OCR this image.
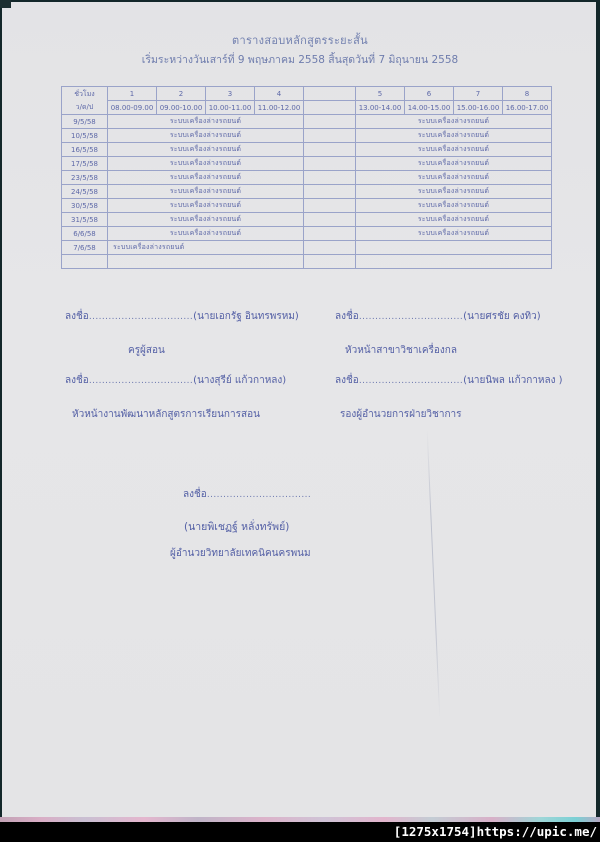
ตารางสอบหลักสูตรระยะสั้น
เริ่มระหว่างวันเสาร์ที่ 9 พฤษภาคม 2558 สิ้นสุดวันที่ 7 มิถุนายน 2558
ชั่วโมง
ว/ด/ป	1	2	3	4		5	6	7	8
	08.00-09.00	09.00-10.00	10.00-11.00	11.00-12.00		13.00-14.00	14.00-15.00	15.00-16.00	16.00-17.00
9/5/58	ระบบเครื่องล่างรถยนต์					ระบบเครื่องล่างรถยนต์			
10/5/58	ระบบเครื่องล่างรถยนต์					ระบบเครื่องล่างรถยนต์			
16/5/58	ระบบเครื่องล่างรถยนต์					ระบบเครื่องล่างรถยนต์			
17/5/58	ระบบเครื่องล่างรถยนต์					ระบบเครื่องล่างรถยนต์			
23/5/58	ระบบเครื่องล่างรถยนต์					ระบบเครื่องล่างรถยนต์			
24/5/58	ระบบเครื่องล่างรถยนต์					ระบบเครื่องล่างรถยนต์			
30/5/58	ระบบเครื่องล่างรถยนต์					ระบบเครื่องล่างรถยนต์			
31/5/58	ระบบเครื่องล่างรถยนต์					ระบบเครื่องล่างรถยนต์			
6/6/58	ระบบเครื่องล่างรถยนต์					ระบบเครื่องล่างรถยนต์			
7/6/58	ระบบเครื่องล่างรถยนต์								

ลงชื่อ................................(นายเอกรัฐ อินทรพรหม)	ลงชื่อ................................(นายศรชัย คงทิว)
ครูผู้สอน	หัวหน้าสาขาวิชาเครื่องกล
ลงชื่อ................................(นางสุรีย์ แก้วกาหลง)	ลงชื่อ................................(นายนิพล แก้วกาหลง )
หัวหน้างานพัฒนาหลักสูตรการเรียนการสอน	รองผู้อำนวยการฝ่ายวิชาการ
ลงชื่อ................................
(นายพิเชฏฐ์ หลั่งทรัพย์)
ผู้อำนวยวิทยาลัยเทคนิคนครพนม
[1275x1754]https://upic.me/
